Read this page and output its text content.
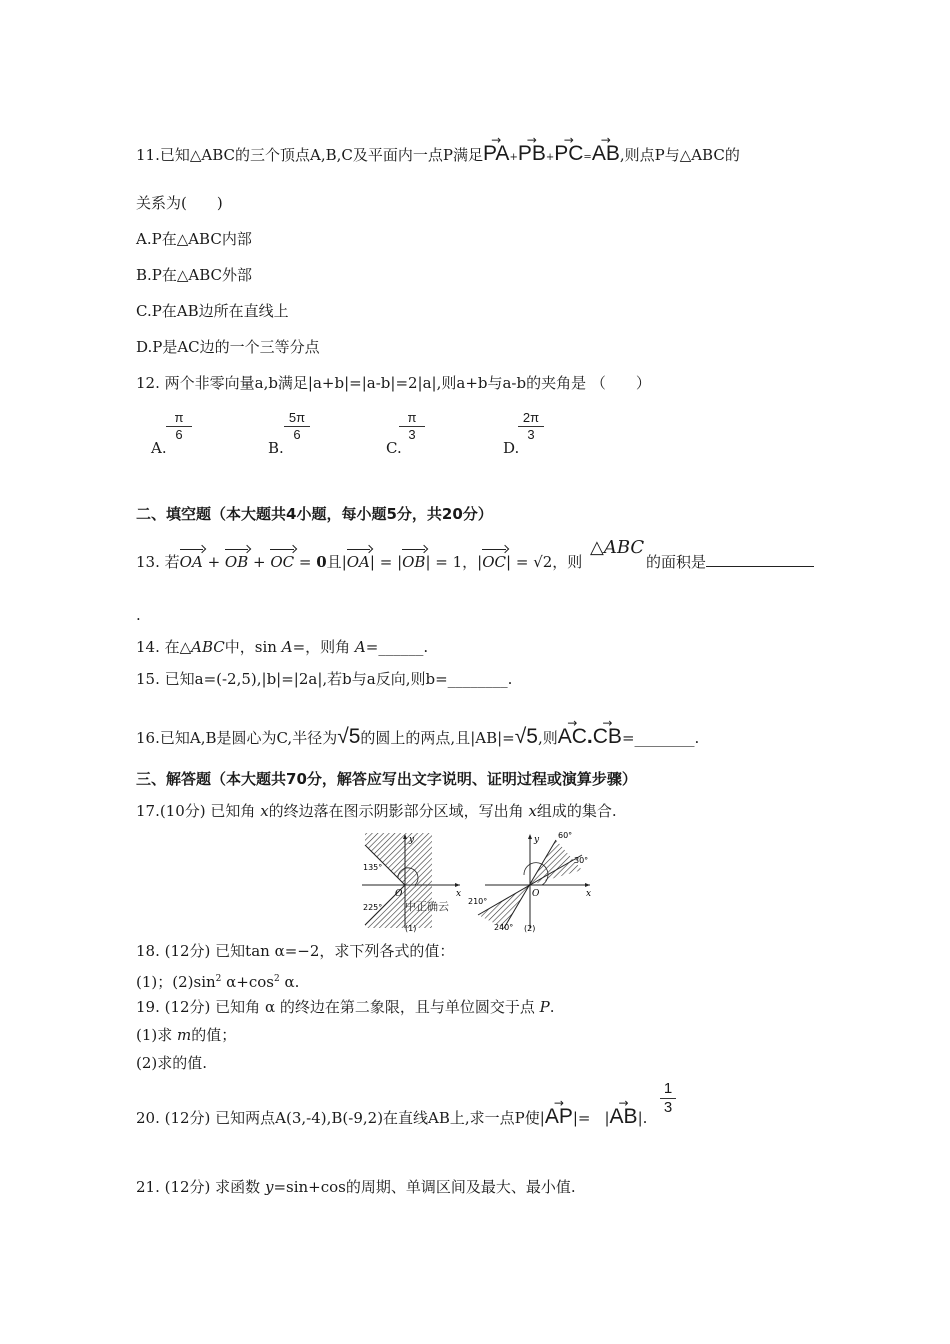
11.已知△ABC的三个顶点A,B,C及平面内一点P满足→ PA+→ PB+→ PC=→ AB,则点P与△ABC的
关系为(　　)
A.P在△ABC内部
B.P在△ABC外部
C.P在AB边所在直线上
D.P是AC边的一个三等分点
12. 两个非零向量a,b满足|a+b|=|a-b|=2|a|,则a+b与a-b的夹角是 （　　）
A.
$\frac{\pi}{6}$
B.
$\frac{5\pi}{6}$
C.
$\frac{\pi}{3}$
D.
$\frac{2\pi}{3}$
二、填空题（本大题共4小题，每小题5分，共20分）
13. 若OA + OB + OC = 0且|OA| = |OB| = 1，|OC| = √2，则
△ABC
的面积是
.
14. 在△ABC中，sin A=，则角 A=______.
15. 已知a=(-2,5),|b|=|2a|,若b与a反向,则b=________.
16.已知A,B是圆心为C,半径为√5的圆上的两点,且|AB|=√5,则→ AC.→ CB=________.
三、解答题（本大题共70分，解答应写出文字说明、证明过程或演算步骤）
17.(10分) 已知角 x的终边落在图示阴影部分区域，写出角 x组成的集合.
y
x
O
135°
225° 中正确云
(1)
y
x
O
60°
30°
210°
240° (2)
18. (12分) 已知tan α=−2，求下列各式的值：
(1)；$(2)\sin^2$ $\alpha+\cos^2$ α.
19. (12分) 已知角 α 的终边在第二象限，且与单位圆交于点 P.
(1)求 m的值；
(2)求的值.
20. (12分) 已知两点A(3,-4),B(-9,2)在直线AB上,求一点P使|→ AP|= |→ AB|.
$\frac{1}{3}$
21. (12分) 求函数 y=sin+cos的周期、单调区间及最大、最小值.
